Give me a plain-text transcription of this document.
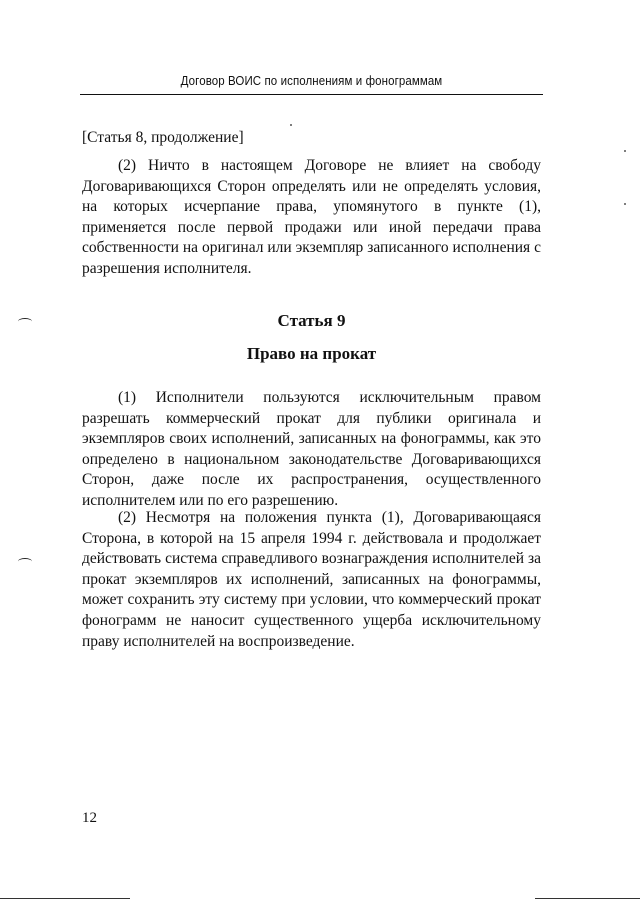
Договор ВОИС по исполнениям и фонограммам
[Статья 8, продолжение]

(2) Ничто в настоящем Договоре не влияет на свободу Договаривающихся Сторон определять или не определять условия, на которых исчерпание права, упомянутого в пункте (1), применяется после первой продажи или иной передачи права собственности на оригинал или экземпляр записанного исполнения с разрешения исполнителя.

Статья 9
Право на прокат

(1) Исполнители пользуются исключительным правом разрешать коммерческий прокат для публики оригинала и экземпляров своих исполнений, записанных на фонограммы, как это определено в национальном законодательстве Договаривающихся Сторон, даже после их распространения, осуществленного исполнителем или по его разрешению.

(2) Несмотря на положения пункта (1), Договаривающаяся Сторона, в которой на 15 апреля 1994 г. действовала и продолжает действовать система справедливого вознаграждения исполнителей за прокат экземпляров их исполнений, записанных на фонограммы, может сохранить эту систему при условии, что коммерческий прокат фонограмм не наносит существенного ущерба исключительному праву исполнителей на воспроизведение.

12
